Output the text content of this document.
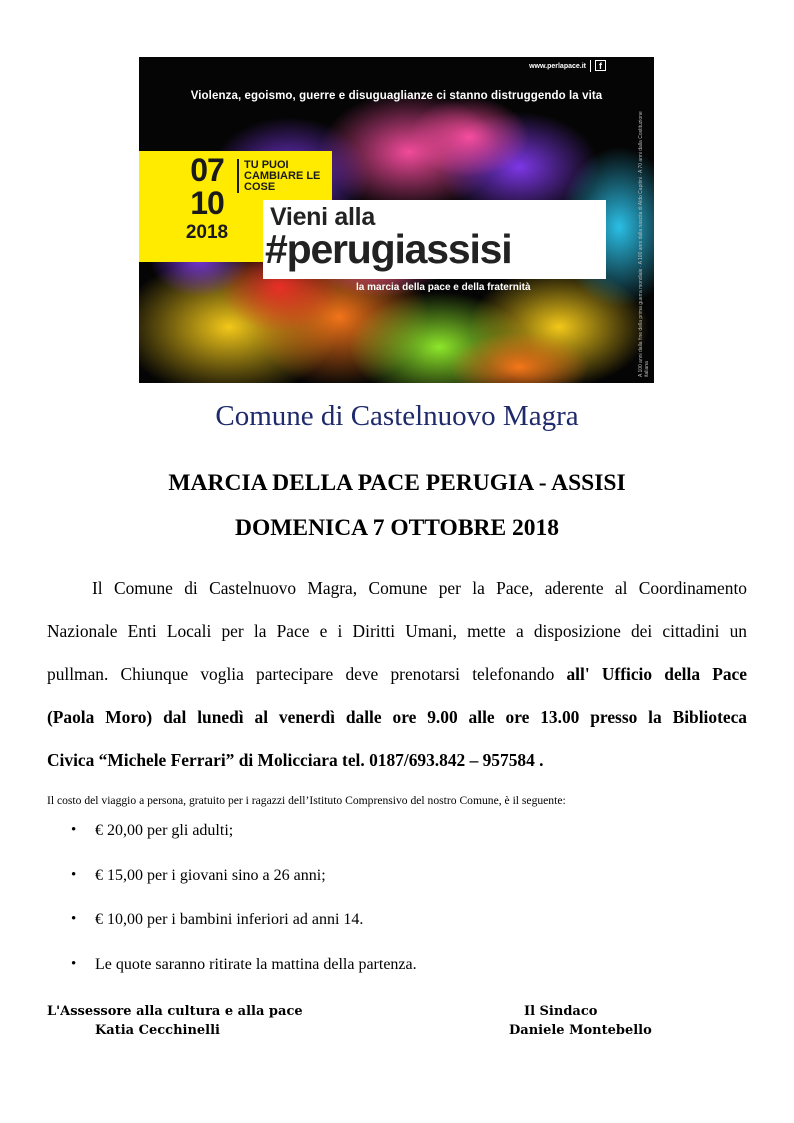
f
www.perlapace.it
Violenza, egoismo, guerre e disuguaglianze ci stanno distruggendo la vita
07
10
2018
TU PUOI CAMBIARE LE COSE
Vieni alla
#perugiassisi
la marcia della pace e della fraternità	A 100 anni dalla fine della prima guerra mondiale · A 100 anni dalla nascita di Aldo Capitini · A 70 anni dalla Costituzione italiana
Comune di Castelnuovo Magra
MARCIA DELLA PACE PERUGIA - ASSISI
DOMENICA 7 OTTOBRE 2018

Il Comune di Castelnuovo Magra, Comune per la Pace, aderente al Coordinamento

Nazionale Enti Locali per la Pace e i Diritti Umani, mette a disposizione dei cittadini un

pullman. Chiunque voglia partecipare deve prenotarsi telefonando all' Ufficio della Pace

(Paola Moro) dal lunedì al venerdì dalle ore 9.00 alle ore 13.00 presso la Biblioteca

Civica “Michele Ferrari” di Molicciara tel. 0187/693.842 – 957584 .

Il costo del viaggio a persona, gratuito per i ragazzi dell’Istituto Comprensivo del nostro Comune, è il seguente:
•	€ 20,00 per gli adulti;
•	€ 15,00 per i giovani sino a 26 anni;
•	€ 10,00 per i bambini inferiori ad anni 14.
•	Le quote saranno ritirate la mattina della partenza.
L'Assessore alla cultura e alla pace
Katia Cecchinelli
Il Sindaco
Daniele Montebello
